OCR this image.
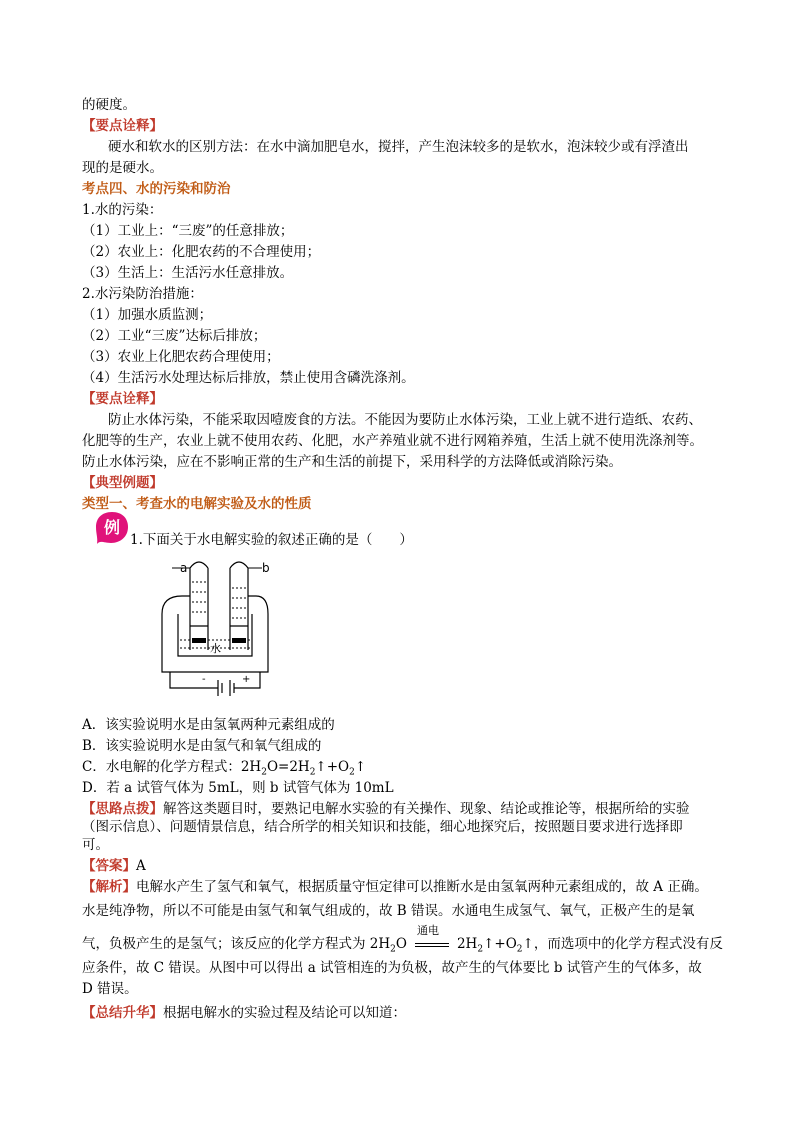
的硬度。
【要点诠释】
硬水和软水的区别方法：在水中滴加肥皂水，搅拌，产生泡沫较多的是软水，泡沫较少或有浮渣出
现的是硬水。
考点四、水的污染和防治
1.水的污染：
（1）工业上：“三废”的任意排放；
（2）农业上：化肥农药的不合理使用；
（3）生活上：生活污水任意排放。
2.水污染防治措施：
（1）加强水质监测；
（2）工业“三废”达标后排放；
（3）农业上化肥农药合理使用；
（4）生活污水处理达标后排放，禁止使用含磷洗涤剂。
【要点诠释】
防止水体污染，不能采取因噎废食的方法。不能因为要防止水体污染，工业上就不进行造纸、农药、
化肥等的生产，农业上就不使用农药、化肥，水产养殖业就不进行网箱养殖，生活上就不使用洗涤剂等。
防止水体污染，应在不影响正常的生产和生活的前提下，采用科学的方法降低或消除污染。
【典型例题】
类型一、考查水的电解实验及水的性质
例
1.下面关于水电解实验的叙述正确的是（　　）
a	b
水
-	+
A．该实验说明水是由氢氧两种元素组成的
B．该实验说明水是由氢气和氧气组成的
C．水电解的化学方程式：$2H_2O=2H_2↑+O_2↑$
D．若 a 试管气体为 5mL，则 b 试管气体为 10mL
【思路点拨】解答这类题目时，要熟记电解水实验的有关操作、现象、结论或推论等，根据所给的实验
（图示信息）、问题情景信息，结合所学的相关知识和技能，细心地探究后，按照题目要求进行选择即
可。
【答案】A
【解析】电解水产生了氢气和氧气，根据质量守恒定律可以推断水是由氢氧两种元素组成的，故 A 正确。
水是纯净物，所以不可能是由氢气和氧气组成的，故 B 错误。水通电生成氢气、氧气，正极产生的是氧
气，负极产生的是氢气；该反应的化学方程式为 $2H_2O$
通电
$2H_2↑+O_2↑$，而选项中的化学方程式没有反
应条件，故 C 错误。从图中可以得出 a 试管相连的为负极，故产生的气体要比 b 试管产生的气体多，故
D 错误。
【总结升华】根据电解水的实验过程及结论可以知道：
